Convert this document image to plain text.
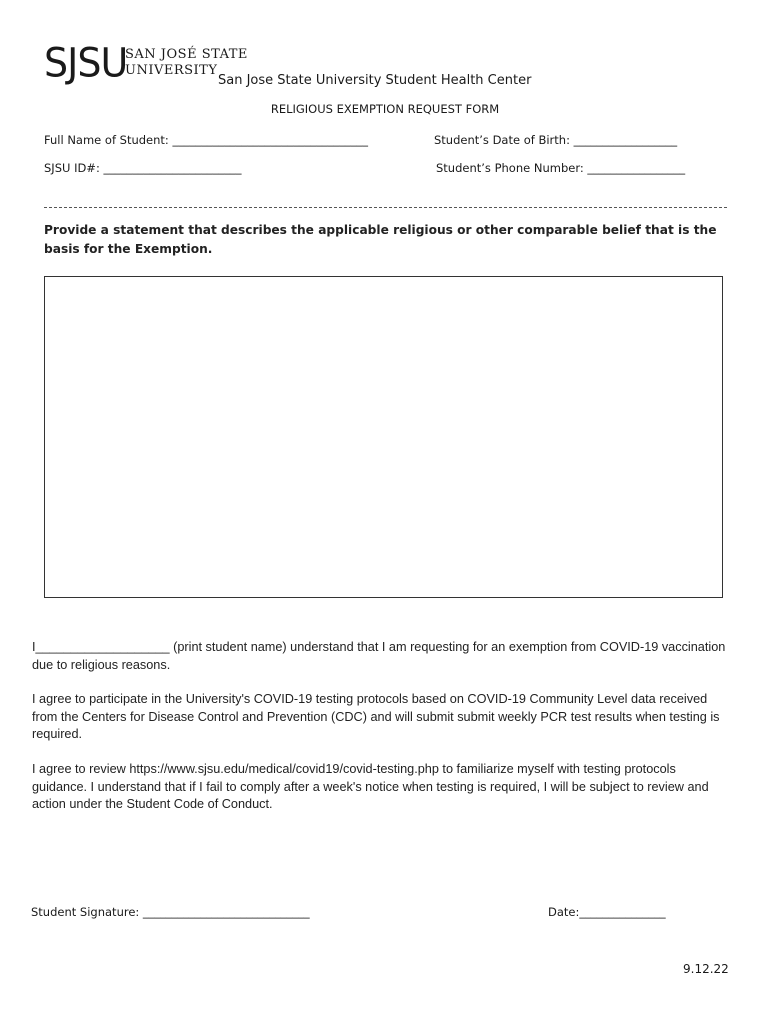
SJSU
SAN JOSÉ STATE
UNIVERSITY
San Jose State University Student Health Center
RELIGIOUS EXEMPTION REQUEST FORM
Full Name of Student: __________________________________	Student’s Date of Birth: __________________
SJSU ID#: ________________________	Student’s Phone Number: _________________
Provide a statement that describes the applicable religious or other comparable belief that is the basis for the Exemption.
I___________________ (print student name) understand that I am requesting for an exemption from COVID-19 vaccination due to religious reasons.
I agree to participate in the University's COVID-19 testing protocols based on COVID-19 Community Level data received from the Centers for Disease Control and Prevention (CDC) and will submit submit weekly PCR test results when testing is required.
I agree to review https://www.sjsu.edu/medical/covid19/covid-testing.php to familiarize myself with testing protocols guidance. I understand that if I fail to comply after a week's notice when testing is required, I will be subject to review and action under the Student Code of Conduct.
Student Signature: _____________________________	Date:_______________
9.12.22
